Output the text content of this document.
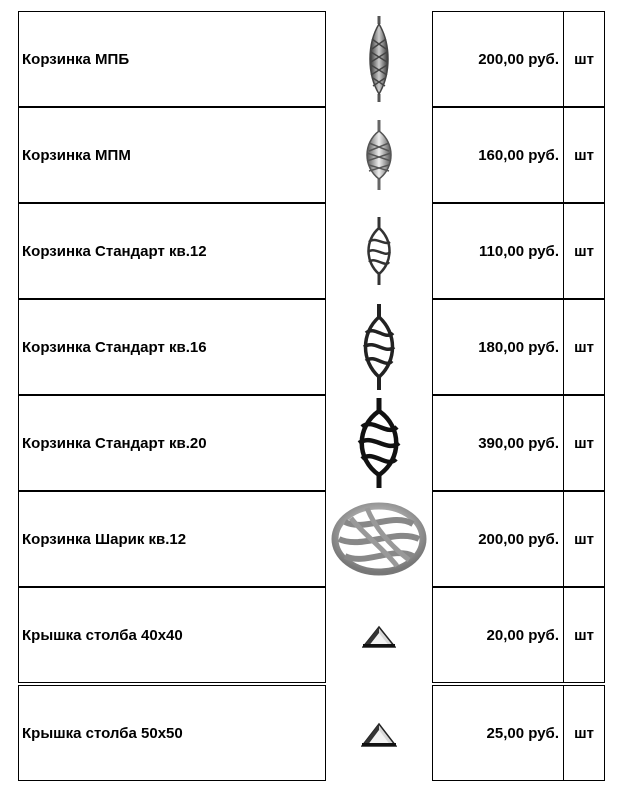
Корзинка МПБ	200,00 руб. шт
Корзинка МПМ	160,00 руб. шт
Корзинка Стандарт кв.12	110,00 руб. шт
Корзинка Стандарт кв.16	180,00 руб. шт
Корзинка Стандарт кв.20	390,00 руб. шт
Корзинка Шарик кв.12	200,00 руб. шт
Крышка столба 40х40	20,00 руб. шт
Крышка столба 50х50	25,00 руб. шт
